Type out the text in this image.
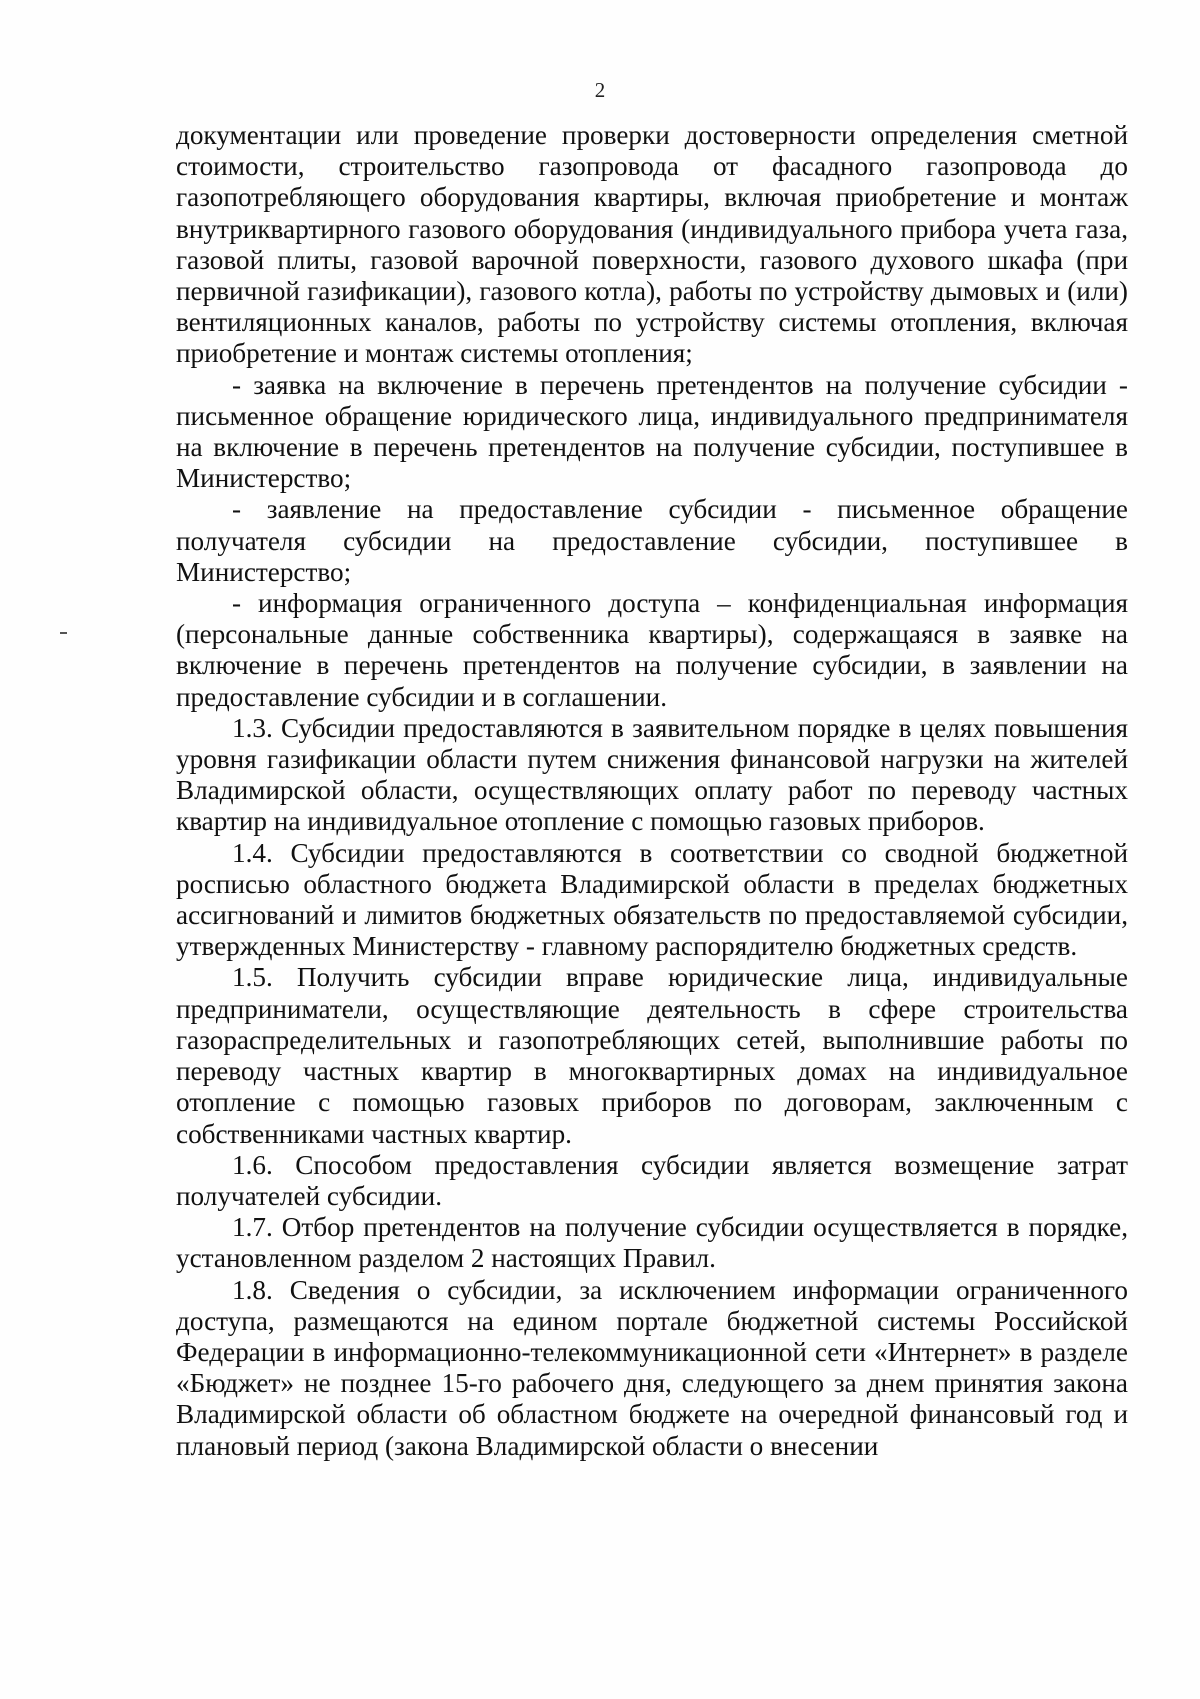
2

документации или проведение проверки достоверности определения сметной стоимости, строительство газопровода от фасадного газопровода до газопотребляющего оборудования квартиры, включая приобретение и монтаж внутриквартирного газового оборудования (индивидуального прибора учета газа, газовой плиты, газовой варочной поверхности, газового духового шкафа (при первичной газификации), газового котла), работы по устройству дымовых и (или) вентиляционных каналов, работы по устройству системы отопления, включая приобретение и монтаж системы отопления;

- заявка на включение в перечень претендентов на получение субсидии - письменное обращение юридического лица, индивидуального предпринимателя на включение в перечень претендентов на получение субсидии, поступившее в Министерство;

- заявление на предоставление субсидии - письменное обращение получателя субсидии на предоставление субсидии, поступившее в Министерство;

- информация ограниченного доступа – конфиденциальная информация (персональные данные собственника квартиры), содержащаяся в заявке на включение в перечень претендентов на получение субсидии, в заявлении на предоставление субсидии и в соглашении.

1.3. Субсидии предоставляются в заявительном порядке в целях повышения уровня газификации области путем снижения финансовой нагрузки на жителей Владимирской области, осуществляющих оплату работ по переводу частных квартир на индивидуальное отопление с помощью газовых приборов.

1.4. Субсидии предоставляются в соответствии со сводной бюджетной росписью областного бюджета Владимирской области в пределах бюджетных ассигнований и лимитов бюджетных обязательств по предоставляемой субсидии, утвержденных Министерству - главному распорядителю бюджетных средств.

1.5. Получить субсидии вправе юридические лица, индивидуальные предприниматели, осуществляющие деятельность в сфере строительства газораспределительных и газопотребляющих сетей, выполнившие работы по переводу частных квартир в многоквартирных домах на индивидуальное отопление с помощью газовых приборов по договорам, заключенным с собственниками частных квартир.

1.6. Способом предоставления субсидии является возмещение затрат получателей субсидии.

1.7. Отбор претендентов на получение субсидии осуществляется в порядке, установленном разделом 2 настоящих Правил.

1.8. Сведения о субсидии, за исключением информации ограниченного доступа, размещаются на едином портале бюджетной системы Российской Федерации в информационно-телекоммуникационной сети «Интернет» в разделе «Бюджет» не позднее 15-го рабочего дня, следующего за днем принятия закона Владимирской области об областном бюджете на очередной финансовый год и плановый период (закона Владимирской области о внесении
